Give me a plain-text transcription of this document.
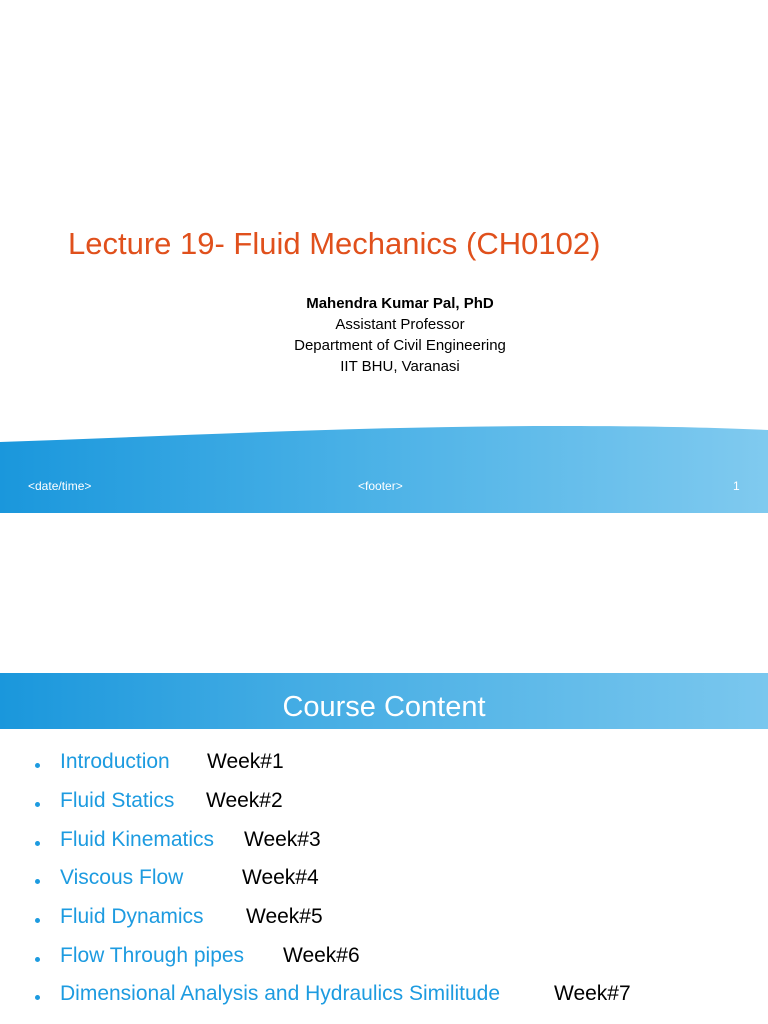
Lecture 19- Fluid Mechanics (CH0102)
Mahendra Kumar Pal, PhD
Assistant Professor
Department of Civil Engineering
IIT BHU, Varanasi
<date/time>	<footer>	1
Course Content
Introduction Week#1
Fluid Statics Week#2
Fluid Kinematics Week#3
Viscous Flow	Week#4
Fluid Dynamics Week#5
Flow Through pipes Week#6
Dimensional Analysis and Hydraulics Similitude	Week#7
